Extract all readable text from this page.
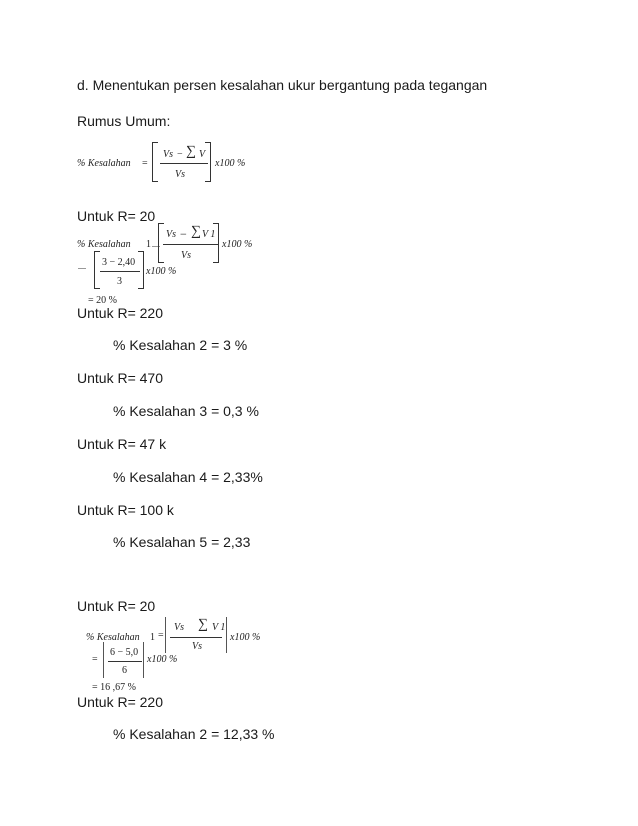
d. Menentukan persen kesalahan ukur bergantung pada tegangan
Rumus Umum:
% Kesalahan =
Vs − ∑ V
Vs
x100 %
Untuk R= 20
% Kesalahan 1
Vs − ∑ V 1
Vs
x100 %
3 − 2,40
3
x100 %
= 20 %
Untuk R= 220
% Kesalahan 2 = 3 %
Untuk R= 470
% Kesalahan 3 = 0,3 %
Untuk R= 47 k
% Kesalahan 4 = 2,33%
Untuk R= 100 k
% Kesalahan 5 = 2,33
Untuk R= 20
% Kesalahan 1 =
Vs ∑ V 1
Vs
x100 %
=
6 − 5,0
6
x100 %
= 16 ,67 %
Untuk R= 220
% Kesalahan 2 = 12,33 %
